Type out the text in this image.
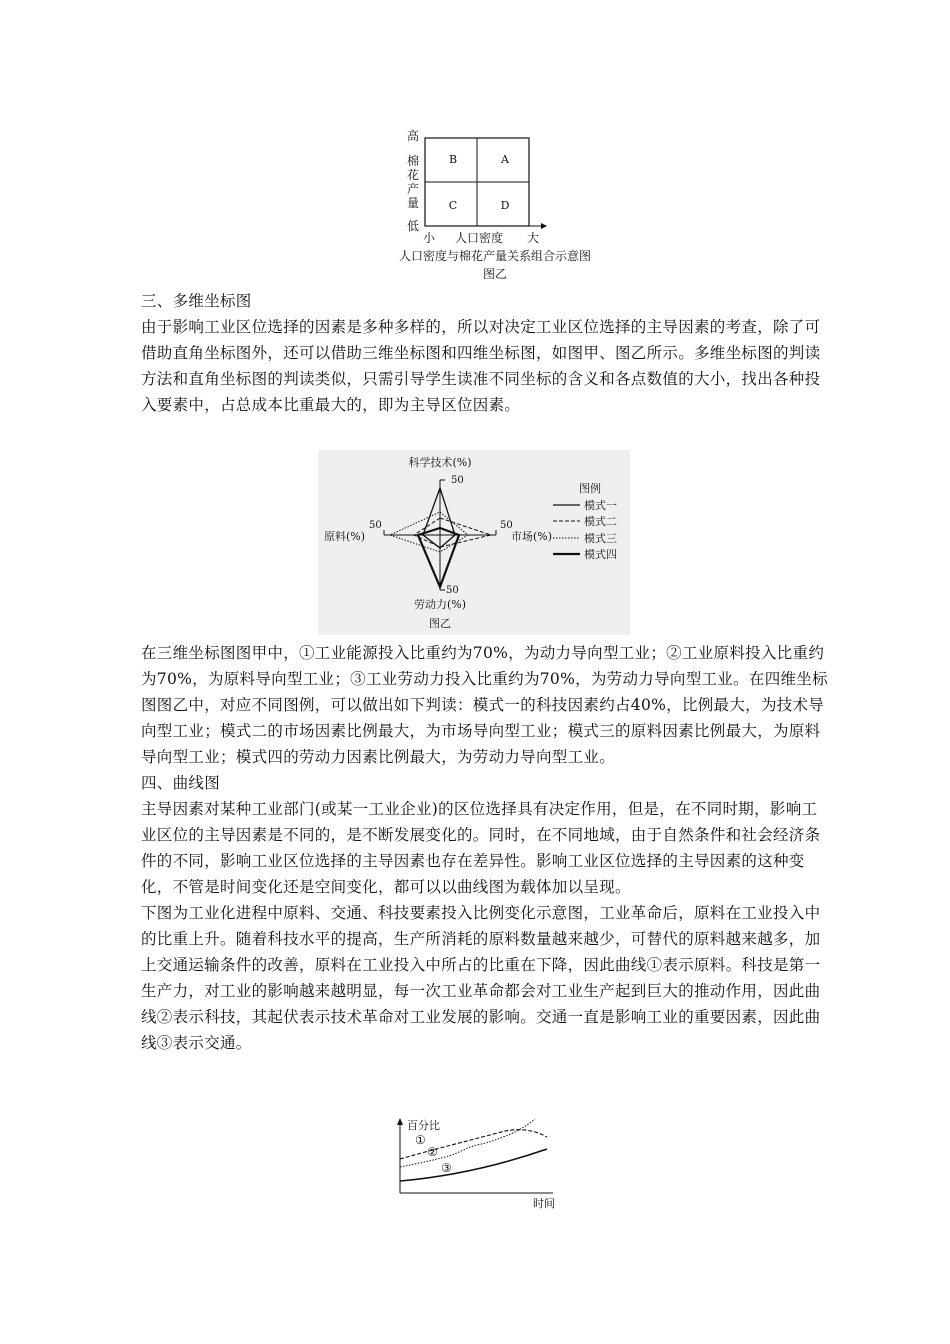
高
棉
花
产
量
低
B	A
C	D
小 人口密度 大
人口密度与棉花产量关系组合示意图
图乙

三、多维坐标图

由于影响工业区位选择的因素是多种多样的，所以对决定工业区位选择的主导因素的考查，除了可借助直角坐标图外，还可以借助三维坐标图和四维坐标图，如图甲、图乙所示。多维坐标图的判读方法和直角坐标图的判读类似，只需引导学生读准不同坐标的含义和各点数值的大小，找出各种投入要素中，占总成本比重最大的，即为主导区位因素。

科学技术(%)
50
原料(%)
50
市场(%)
50
50
劳动力(%)
图例
模式一
模式二
模式三
模式四
图乙

在三维坐标图图甲中，①工业能源投入比重约为70%，为动力导向型工业；②工业原料投入比重约为70%，为原料导向型工业；③工业劳动力投入比重约为70%，为劳动力导向型工业。在四维坐标图图乙中，对应不同图例，可以做出如下判读：模式一的科技因素约占40%，比例最大，为技术导向型工业；模式二的市场因素比例最大，为市场导向型工业；模式三的原料因素比例最大，为原料导向型工业；模式四的劳动力因素比例最大，为劳动力导向型工业。

四、曲线图

主导因素对某种工业部门(或某一工业企业)的区位选择具有决定作用，但是，在不同时期，影响工业区位的主导因素是不同的，是不断发展变化的。同时，在不同地域，由于自然条件和社会经济条件的不同，影响工业区位选择的主导因素也存在差异性。影响工业区位选择的主导因素的这种变化，不管是时间变化还是空间变化，都可以以曲线图为载体加以呈现。

下图为工业化进程中原料、交通、科技要素投入比例变化示意图，工业革命后，原料在工业投入中的比重上升。随着科技水平的提高，生产所消耗的原料数量越来越少，可替代的原料越来越多，加上交通运输条件的改善，原料在工业投入中所占的比重在下降，因此曲线①表示原料。科技是第一生产力，对工业的影响越来越明显，每一次工业革命都会对工业生产起到巨大的推动作用，因此曲线②表示科技，其起伏表示技术革命对工业发展的影响。交通一直是影响工业的重要因素，因此曲线③表示交通。

百分比
时间
①
②
③
